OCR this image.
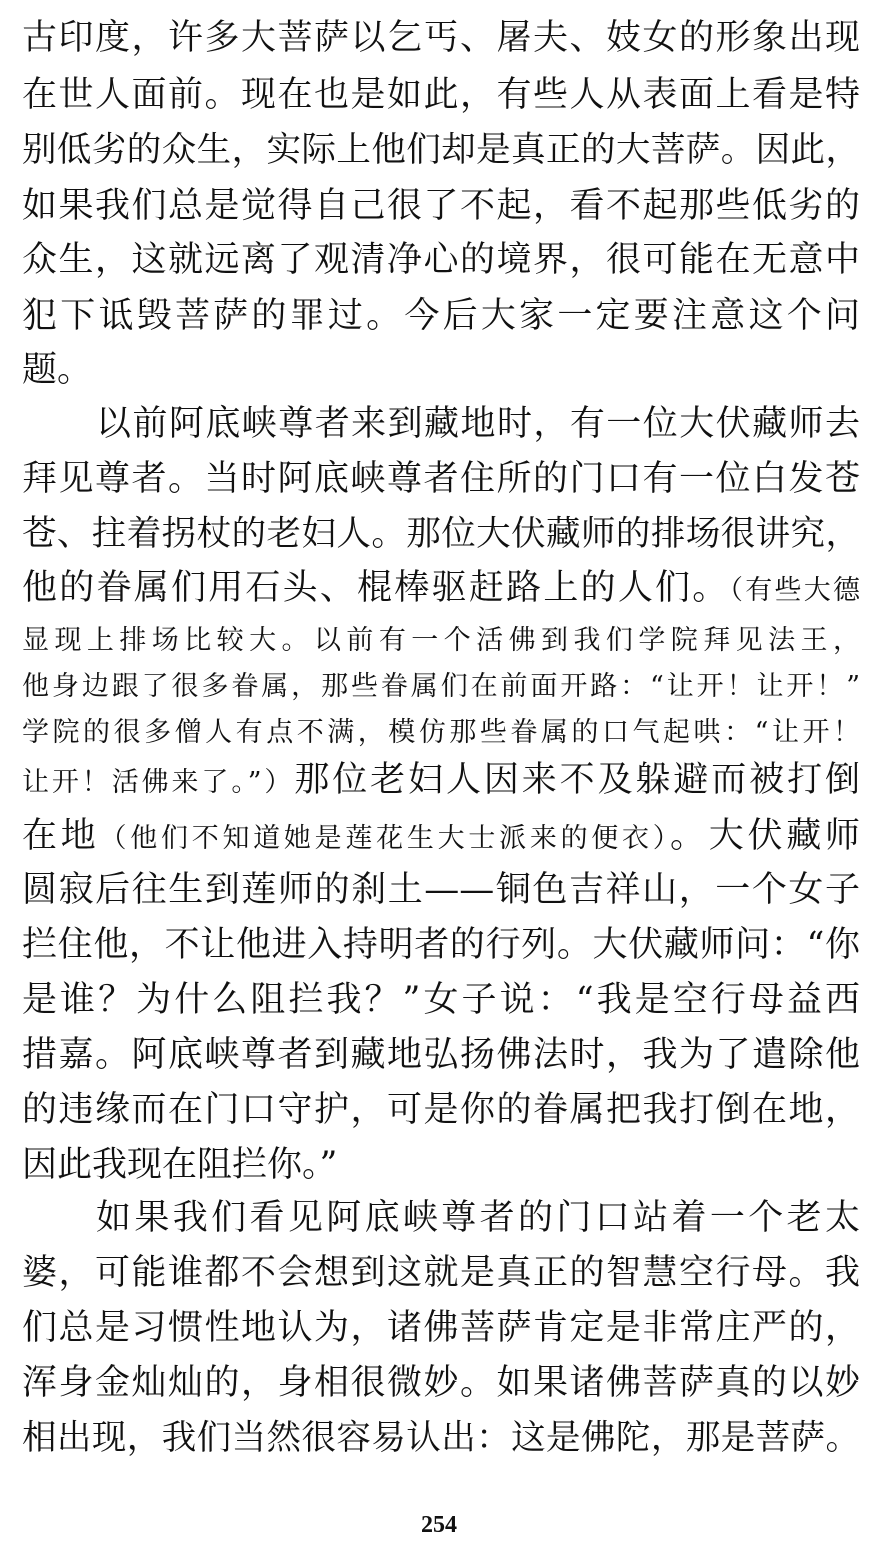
古印度，许多大菩萨以乞丐、屠夫、妓女的形象出现
在世人面前。现在也是如此，有些人从表面上看是特
别低劣的众生，实际上他们却是真正的大菩萨。因此，
如果我们总是觉得自己很了不起，看不起那些低劣的
众生，这就远离了观清净心的境界，很可能在无意中
犯下诋毁菩萨的罪过。今后大家一定要注意这个问
题。
以前阿底峡尊者来到藏地时，有一位大伏藏师去
拜见尊者。当时阿底峡尊者住所的门口有一位白发苍
苍、拄着拐杖的老妇人。那位大伏藏师的排场很讲究，
他的眷属们用石头、棍棒驱赶路上的人们。（有些大德
显现上排场比较大。以前有一个活佛到我们学院拜见法王，
他身边跟了很多眷属，那些眷属们在前面开路：“让开！让开！”
学院的很多僧人有点不满，模仿那些眷属的口气起哄：“让开！
让开！活佛来了。”）那位老妇人因来不及躲避而被打倒
在地（他们不知道她是莲花生大士派来的便衣）。大伏藏师
圆寂后往生到莲师的刹土——铜色吉祥山，一个女子
拦住他，不让他进入持明者的行列。大伏藏师问：“你
是谁？为什么阻拦我？”女子说：“我是空行母益西
措嘉。阿底峡尊者到藏地弘扬佛法时，我为了遣除他
的违缘而在门口守护，可是你的眷属把我打倒在地，
因此我现在阻拦你。”
如果我们看见阿底峡尊者的门口站着一个老太
婆，可能谁都不会想到这就是真正的智慧空行母。我
们总是习惯性地认为，诸佛菩萨肯定是非常庄严的，
浑身金灿灿的，身相很微妙。如果诸佛菩萨真的以妙
相出现，我们当然很容易认出：这是佛陀，那是菩萨。
254
